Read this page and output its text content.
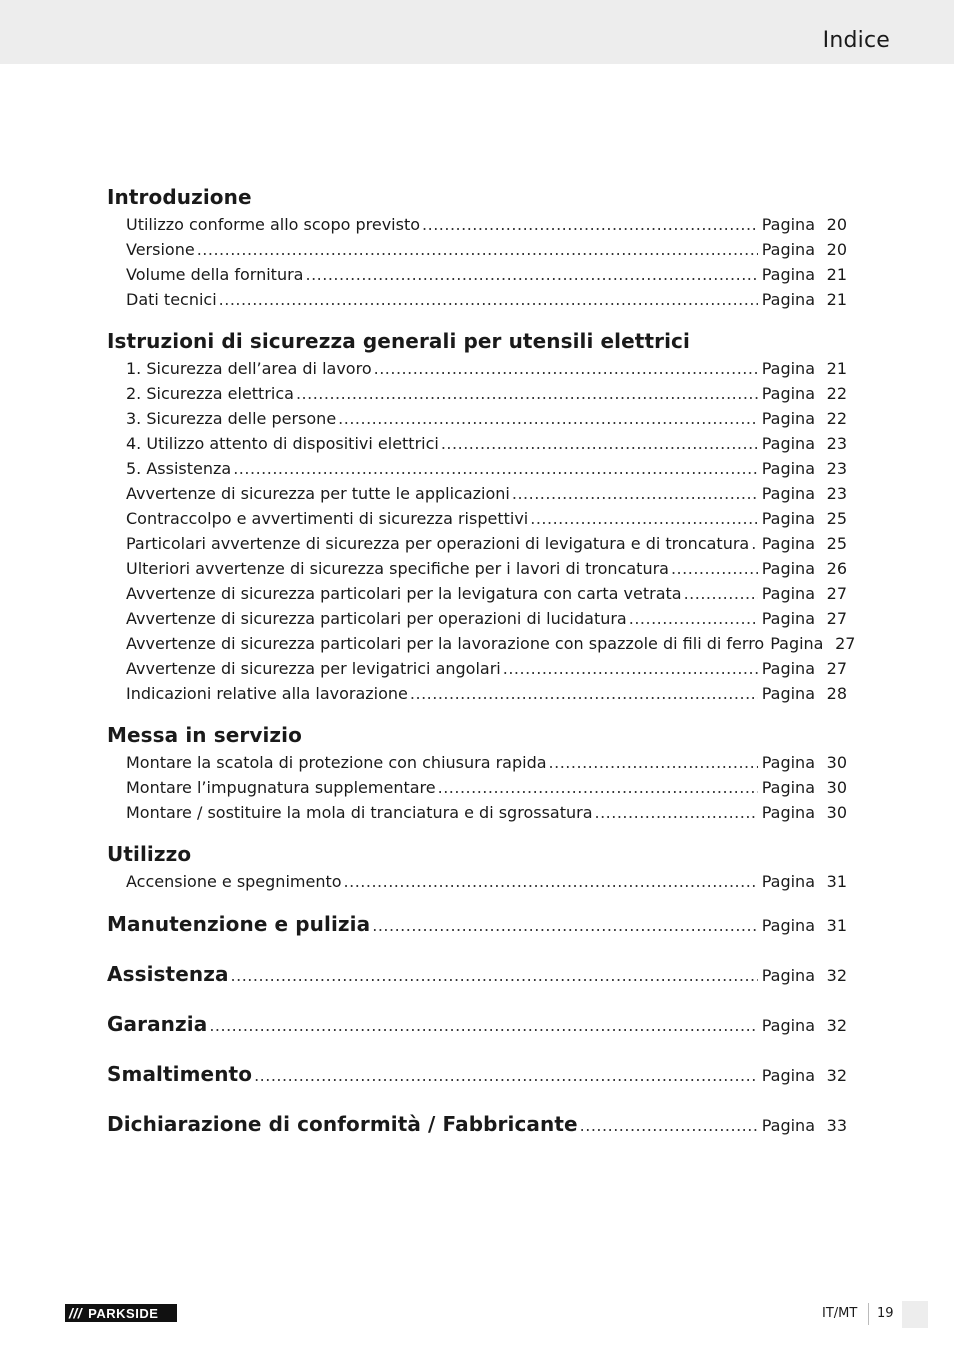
Indice
Introduzione
Utilizzo conforme allo scopo previsto .....	Pagina 20
Versione .....	Pagina 20
Volume della fornitura .....	Pagina 21
Dati tecnici .....	Pagina 21
Istruzioni di sicurezza generali per utensili elettrici
1. Sicurezza dell’area di lavoro .....	Pagina 21
2. Sicurezza elettrica .....	Pagina 22
3. Sicurezza delle persone .....	Pagina 22
4. Utilizzo attento di dispositivi elettrici .....	Pagina 23
5. Assistenza .....	Pagina 23
Avvertenze di sicurezza per tutte le applicazioni .....	Pagina 23
Contraccolpo e avvertimenti di sicurezza rispettivi .....	Pagina 25
Particolari avvertenze di sicurezza per operazioni di levigatura e di troncatura ..... Pagina 25
Ulteriori avvertenze di sicurezza specifiche per i lavori di troncatura .....	Pagina 26
Avvertenze di sicurezza particolari per la levigatura con carta vetrata .....	Pagina 27
Avvertenze di sicurezza particolari per operazioni di lucidatura .....	Pagina 27
Avvertenze di sicurezza particolari per la lavorazione con spazzole di fili di ferro Pagina 27
Avvertenze di sicurezza per levigatrici angolari .....	Pagina 27
Indicazioni relative alla lavorazione .....	Pagina 28
Messa in servizio
Montare la scatola di protezione con chiusura rapida .....	Pagina 30
Montare l’impugnatura supplementare .....	Pagina 30
Montare / sostituire la mola di tranciatura e di sgrossatura .....	Pagina 30
Utilizzo
Accensione e spegnimento .....	Pagina 31
Manutenzione e pulizia .....	Pagina 31
Assistenza .....	Pagina 32
Garanzia .....	Pagina 32
Smaltimento .....	Pagina 32
Dichiarazione di conformità / Fabbricante .....	Pagina 33
/// PARKSIDE	IT/MT 19
